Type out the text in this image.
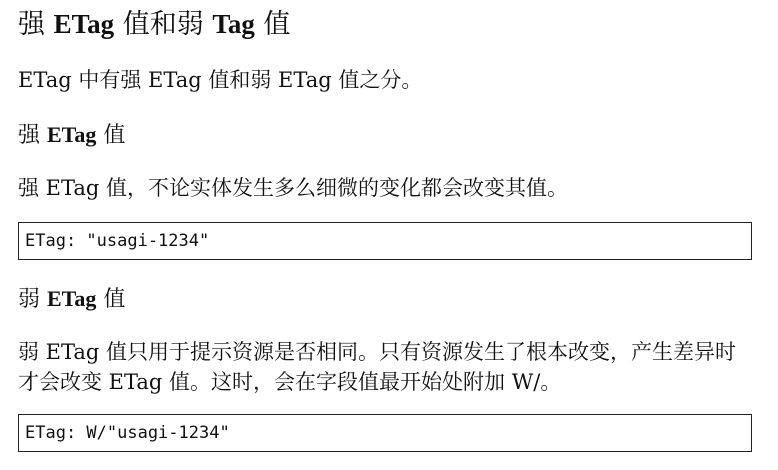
强 ETag 值和弱 Tag 值

ETag 中有强 ETag 值和弱 ETag 值之分。

强 ETag 值

强 ETag 值，不论实体发生多么细微的变化都会改变其值。

ETag: "usagi-1234"
弱 ETag 值

弱 ETag 值只用于提示资源是否相同。只有资源发生了根本改变，产生差异时才会改变 ETag 值。这时，会在字段值最开始处附加 W/。

ETag: W/"usagi-1234"
